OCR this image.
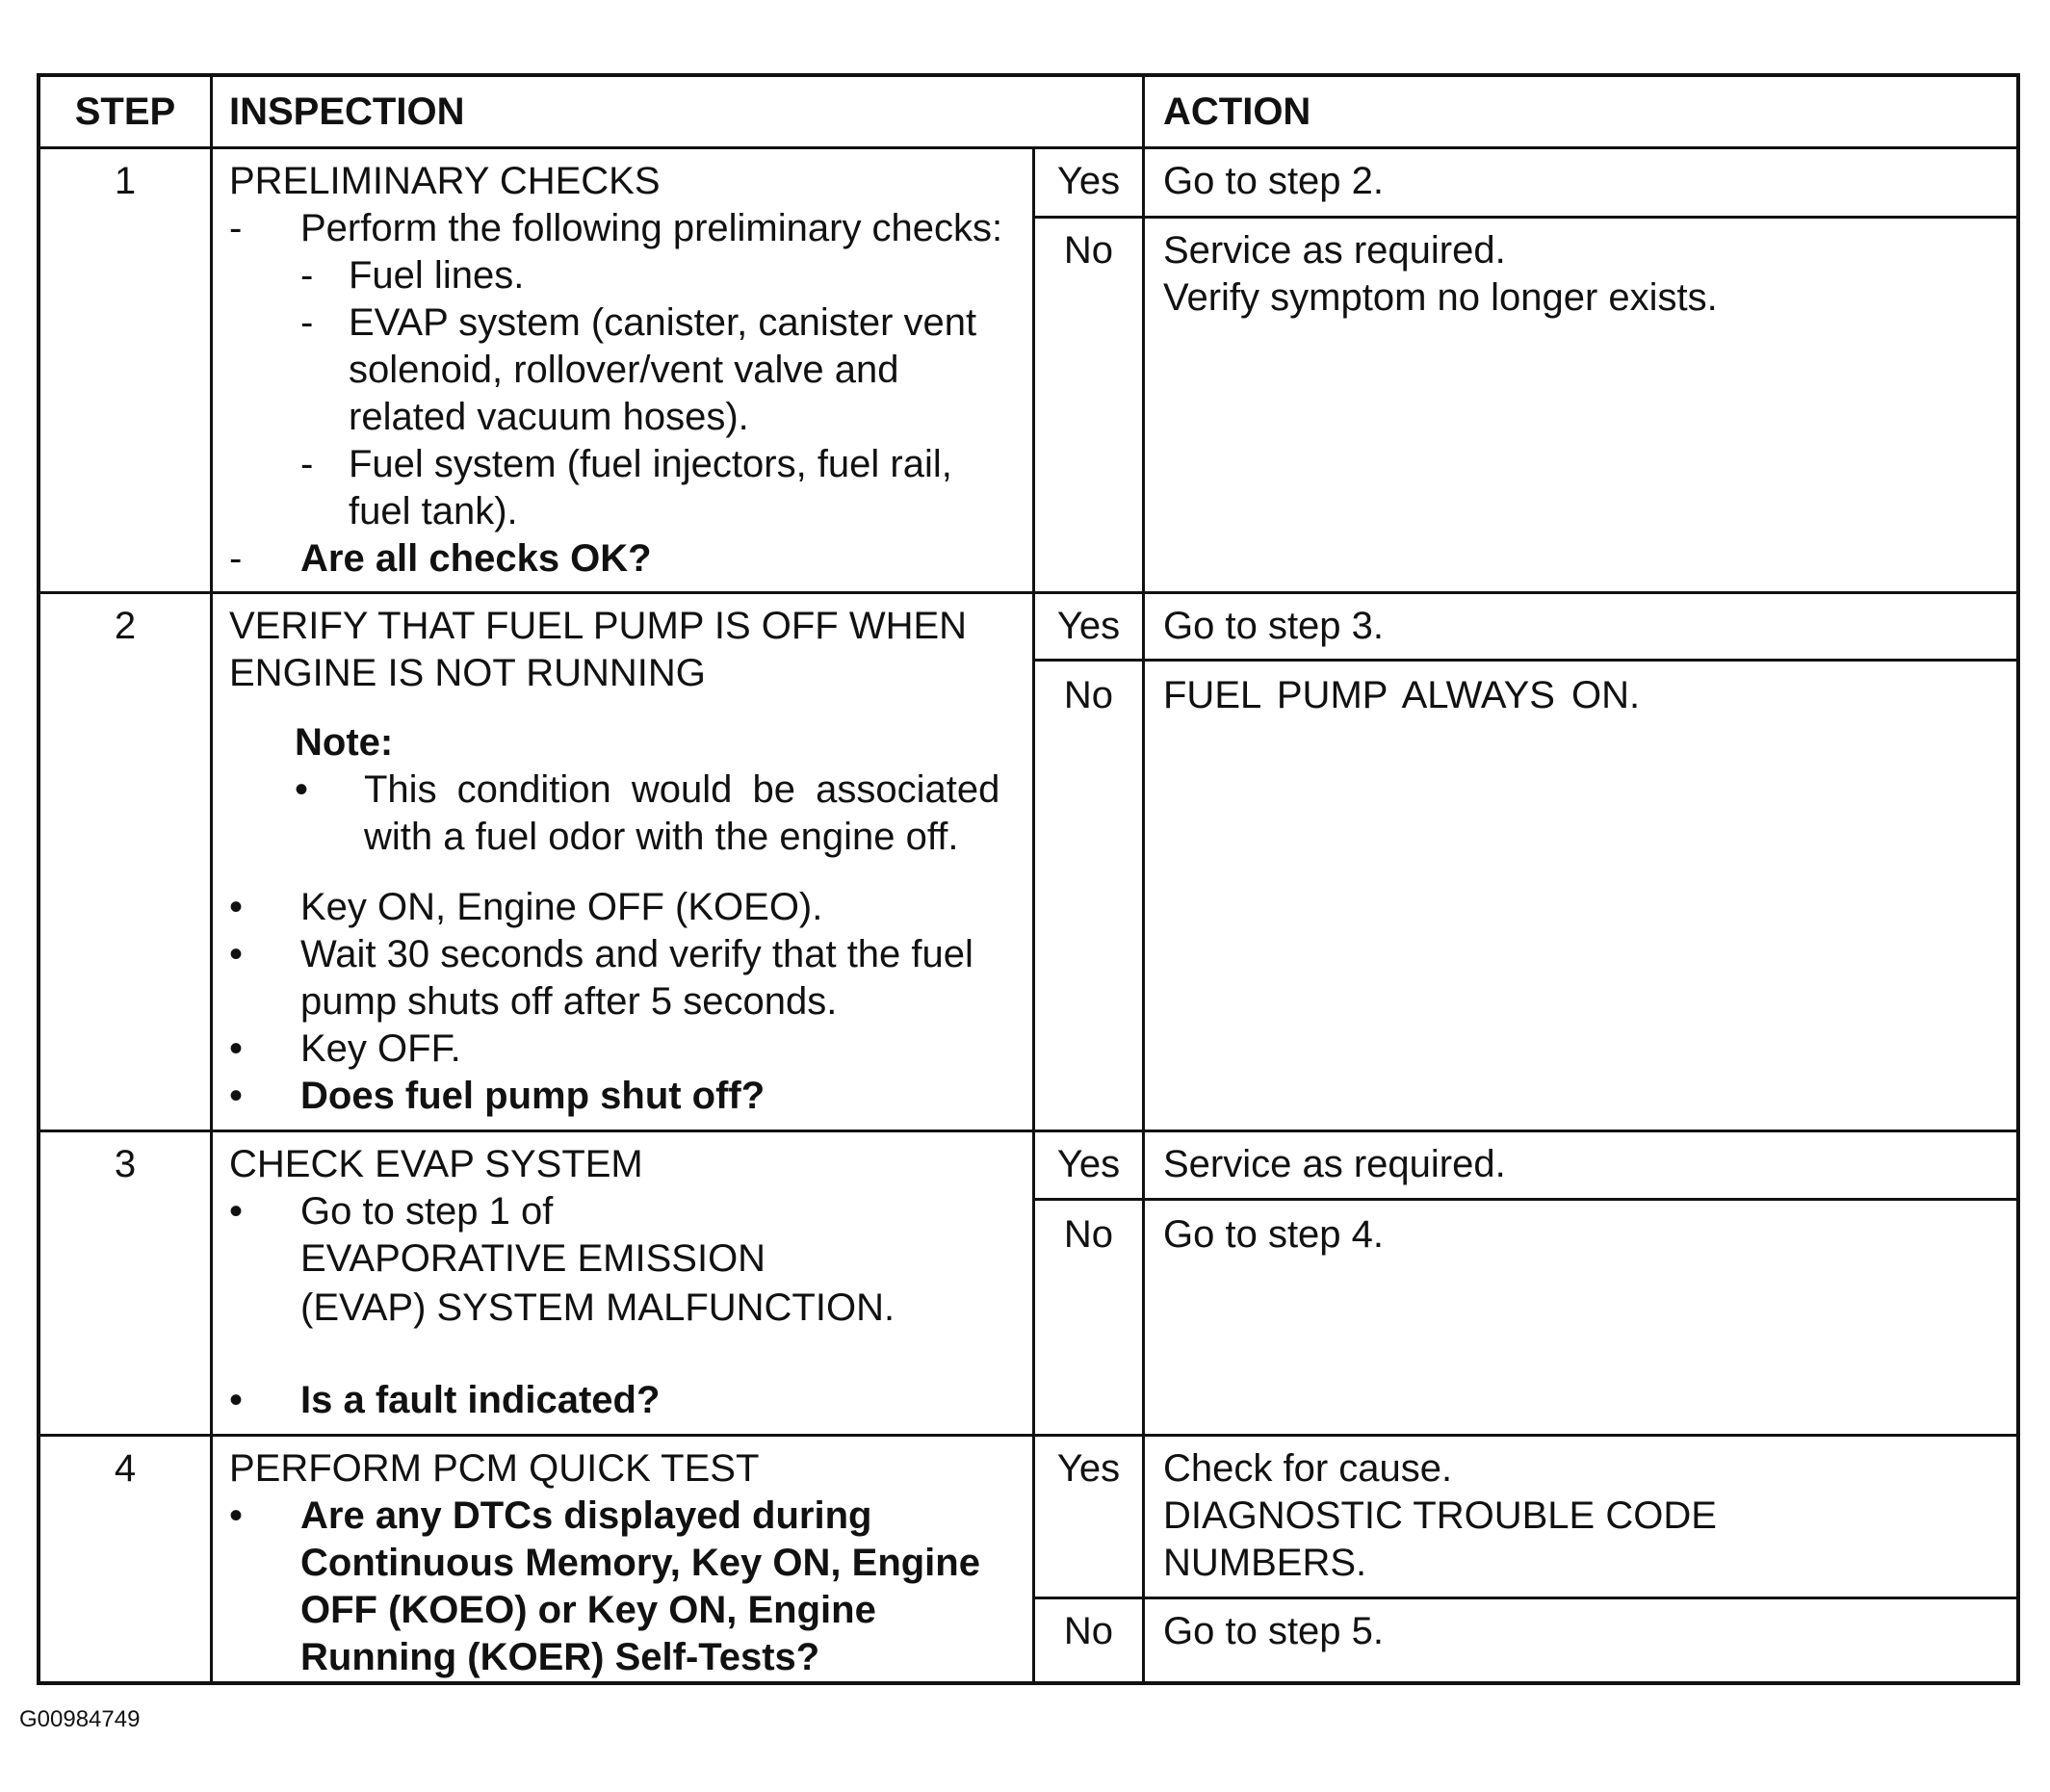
STEP	INSPECTION	ACTION
1	PRELIMINARY CHECKS
- Perform the following preliminary checks:
- Fuel lines.
- EVAP system (canister, canister vent
solenoid, rollover/vent valve and
related vacuum hoses).
- Fuel system (fuel injectors, fuel rail,
fuel tank).
- Are all checks OK?
Yes	Go to step 2.
No	Service as required.
Verify symptom no longer exists.
2	VERIFY THAT FUEL PUMP IS OFF WHEN
ENGINE IS NOT RUNNING
Note:
• This condition would be associated
with a fuel odor with the engine off.
• Key ON, Engine OFF (KOEO).
• Wait 30 seconds and verify that the fuel
pump shuts off after 5 seconds.
• Key OFF.
• Does fuel pump shut off?
Yes	Go to step 3.
No	FUEL PUMP ALWAYS ON.
3	CHECK EVAP SYSTEM
• Go to step 1 of
EVAPORATIVE EMISSION
(EVAP) SYSTEM MALFUNCTION.
• Is a fault indicated?
Yes	Service as required.
No	Go to step 4.
4	PERFORM PCM QUICK TEST
• Are any DTCs displayed during
Continuous Memory, Key ON, Engine
OFF (KOEO) or Key ON, Engine
Running (KOER) Self-Tests?
Yes	Check for cause.
DIAGNOSTIC TROUBLE CODE
NUMBERS.
No	Go to step 5.
G00984749
